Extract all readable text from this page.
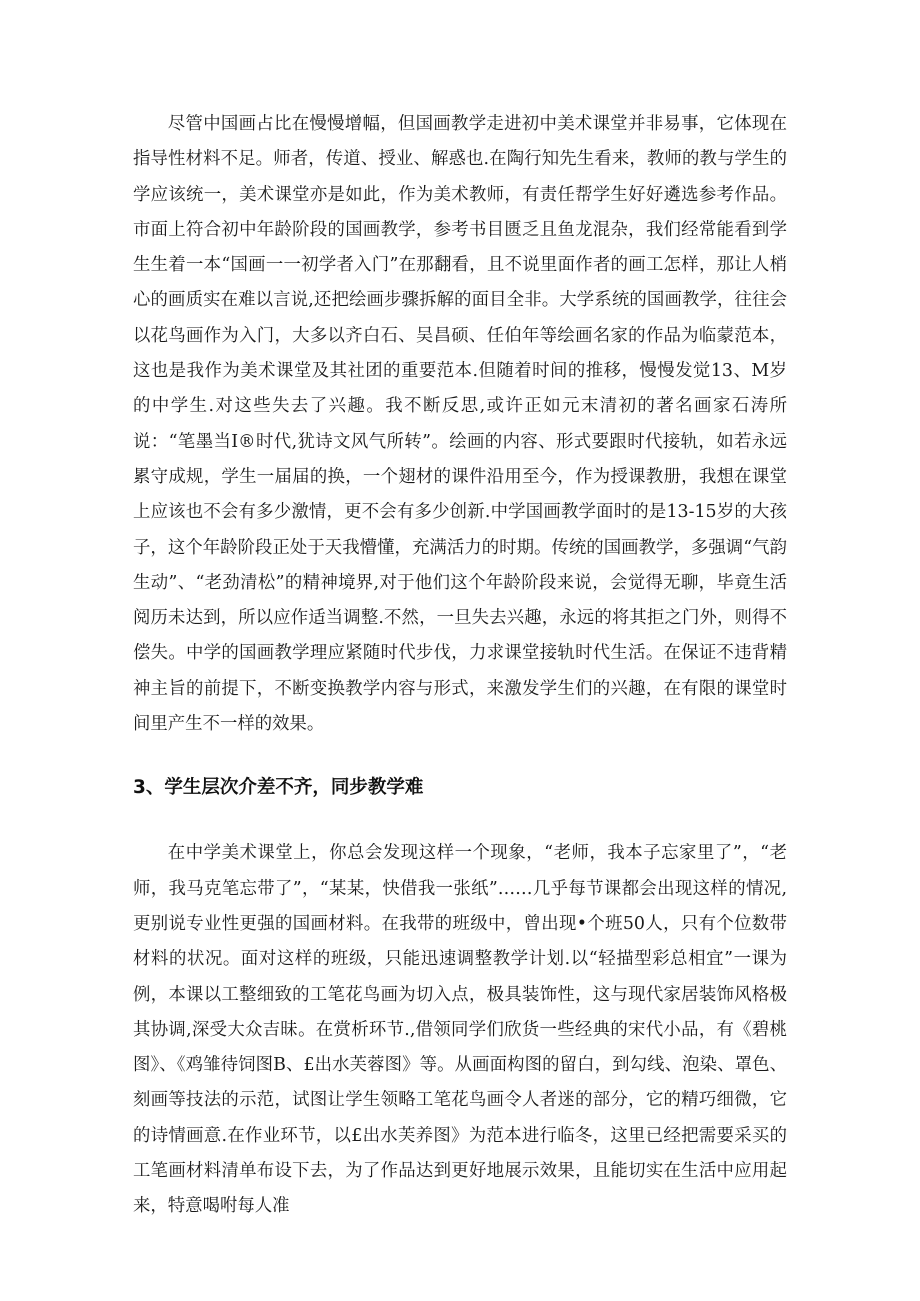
尽管中国画占比在慢慢增幅，但国画教学走进初中美术课堂并非易事，它体现在指导性材料不足。师者，传道、授业、解惑也.在陶行知先生看来，教师的教与学生的学应该统一，美术课堂亦是如此，作为美术教师，有责任帮学生好好遴选参考作品。市面上符合初中年龄阶段的国画教学，参考书目匮乏且鱼龙混杂，我们经常能看到学生生着一本“国画一一初学者入门”在那翻看，且不说里面作者的画工怎样，那让人梢心的画质实在难以言说,还把绘画步骤拆解的面目全非。大学系统的国画教学，往往会以花鸟画作为入门，大多以齐白石、吴昌硕、任伯年等绘画名家的作品为临蒙范本，这也是我作为美术课堂及其社团的重要范本.但随着时间的推移，慢慢发觉13、M岁的中学生.对这些失去了兴趣。我不断反思,或许正如元末清初的著名画家石涛所说：“笔墨当I®时代,犹诗文风气所转”。绘画的内容、形式要跟时代接轨，如若永远累守成规，学生一届届的换，一个翅材的课件沿用至今，作为授课教册，我想在课堂上应该也不会有多少激情，更不会有多少创新.中学国画教学面时的是13-15岁的大孩子，这个年龄阶段正处于天我懵懂，充满活力的时期。传统的国画教学，多强调“气韵生动”、“老劲清松”的精神境界,对于他们这个年龄阶段来说，会觉得无聊，毕竟生活阅历未达到，所以应作适当调整.不然，一旦失去兴趣，永远的将其拒之门外，则得不偿失。中学的国画教学理应紧随时代步伐，力求课堂接轨时代生活。在保证不违背精神主旨的前提下，不断变换教学内容与形式，来激发学生们的兴趣，在有限的课堂时间里产生不一样的效果。

3、学生层次介差不齐，同步教学难

在中学美术课堂上，你总会发现这样一个现象，“老师，我本子忘家里了”，“老师，我马克笔忘带了”，“某某，快借我一张纸”……几乎每节课都会出现这样的情况,更别说专业性更强的国画材料。在我带的班级中，曾出现•个班50人，只有个位数带材料的状况。面对这样的班级，只能迅速调整教学计划.以“轻描型彩总相宜”一课为例，本课以工整细致的工笔花鸟画为切入点，极具装饰性，这与现代家居装饰风格极其协调,深受大众吉昧。在赏析环节.,借领同学们欣货一些经典的宋代小品，有《碧桃图》、《鸡雏待饲图B、£出水芙蓉图》等。从画面构图的留白，到勾线、泡染、罩色、刻画等技法的示范，试图让学生领略工笔花鸟画令人者迷的部分，它的精巧细微，它的诗情画意.在作业环节，以£出水芙养图》为范本进行临冬，这里已经把需要采买的工笔画材料清单布设下去，为了作品达到更好地展示效果，且能切实在生活中应用起来，特意喝咐每人准
